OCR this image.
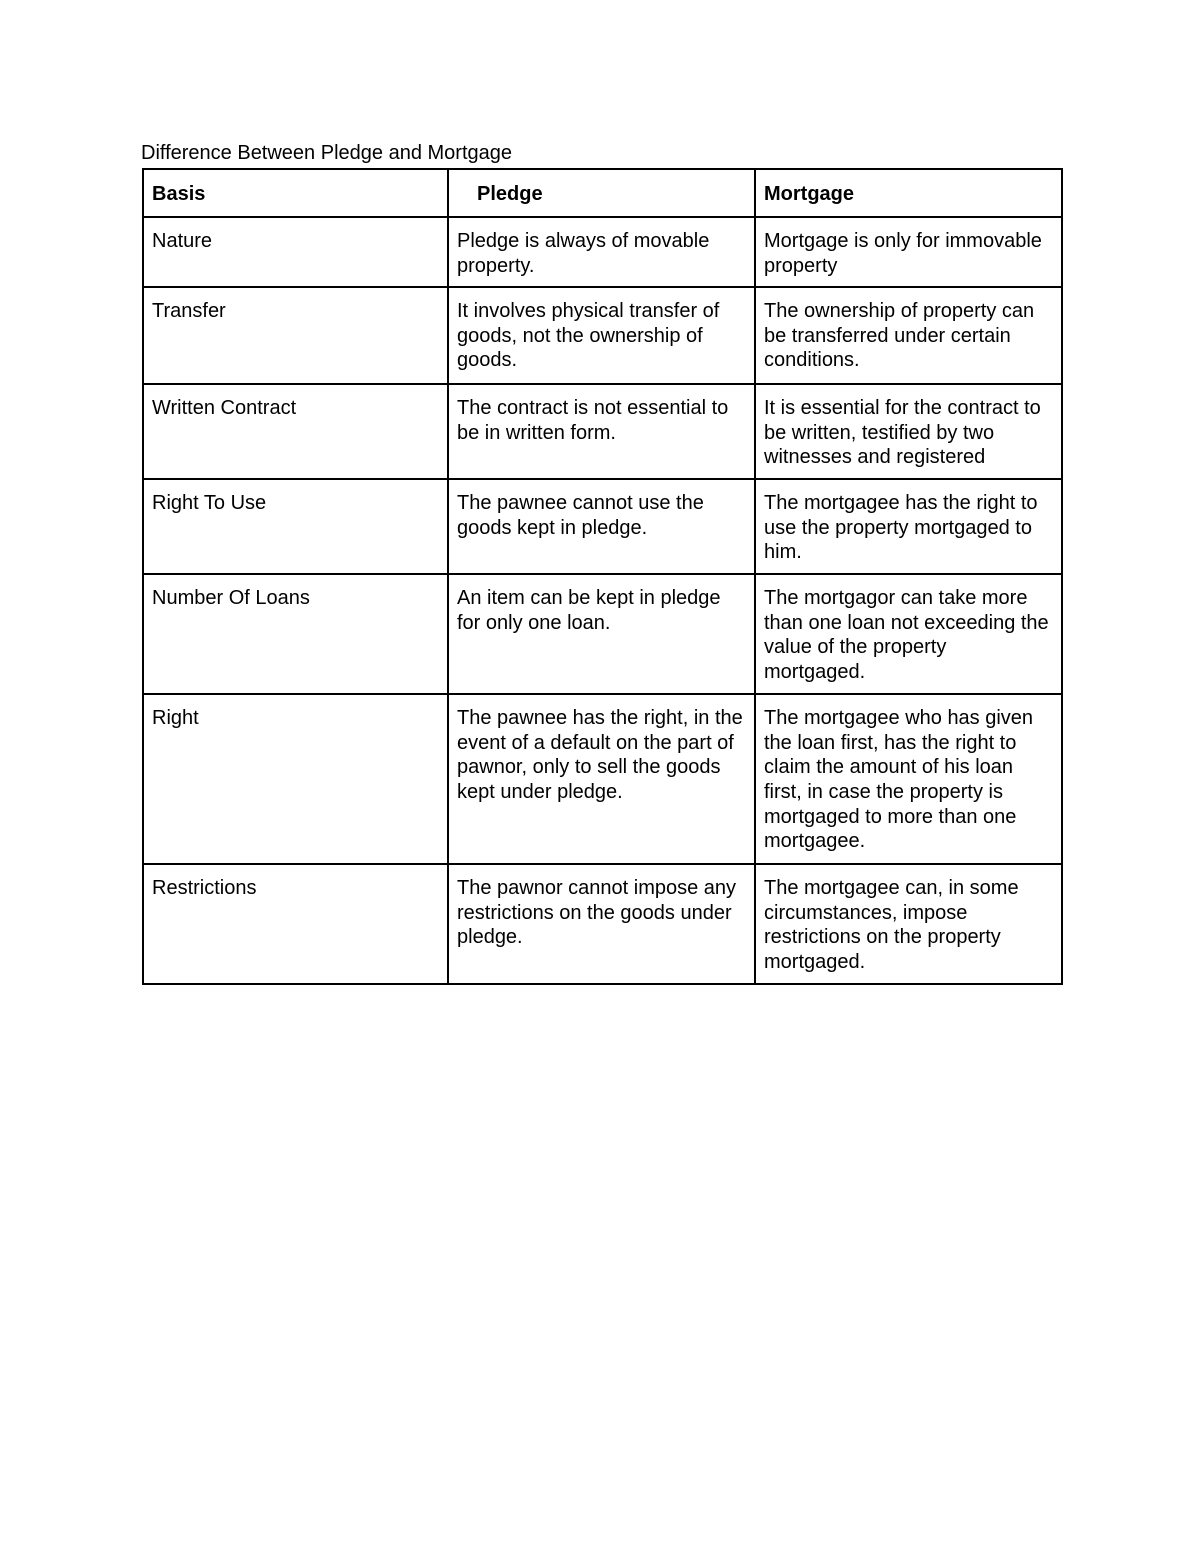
Difference Between Pledge and Mortgage
Basis	Pledge	Mortgage
Nature	Pledge is always of movable property.	Mortgage is only for immovable property
Transfer	It involves physical transfer of goods, not the ownership of goods.	The ownership of property can be transferred under certain conditions.
Written Contract	The contract is not essential to be in written form.	It is essential for the contract to be written, testified by two witnesses and registered
Right To Use	The pawnee cannot use the goods kept in pledge.	The mortgagee has the right to use the property mortgaged to him.
Number Of Loans	An item can be kept in pledge for only one loan.	The mortgagor can take more than one loan not exceeding the value of the property mortgaged.
Right	The pawnee has the right, in the event of a default on the part of pawnor, only to sell the goods kept under pledge.	The mortgagee who has given the loan first, has the right to claim the amount of his loan first, in case the property is mortgaged to more than one mortgagee.
Restrictions	The pawnor cannot impose any restrictions on the goods under pledge.	The mortgagee can, in some circumstances, impose restrictions on the property mortgaged.
